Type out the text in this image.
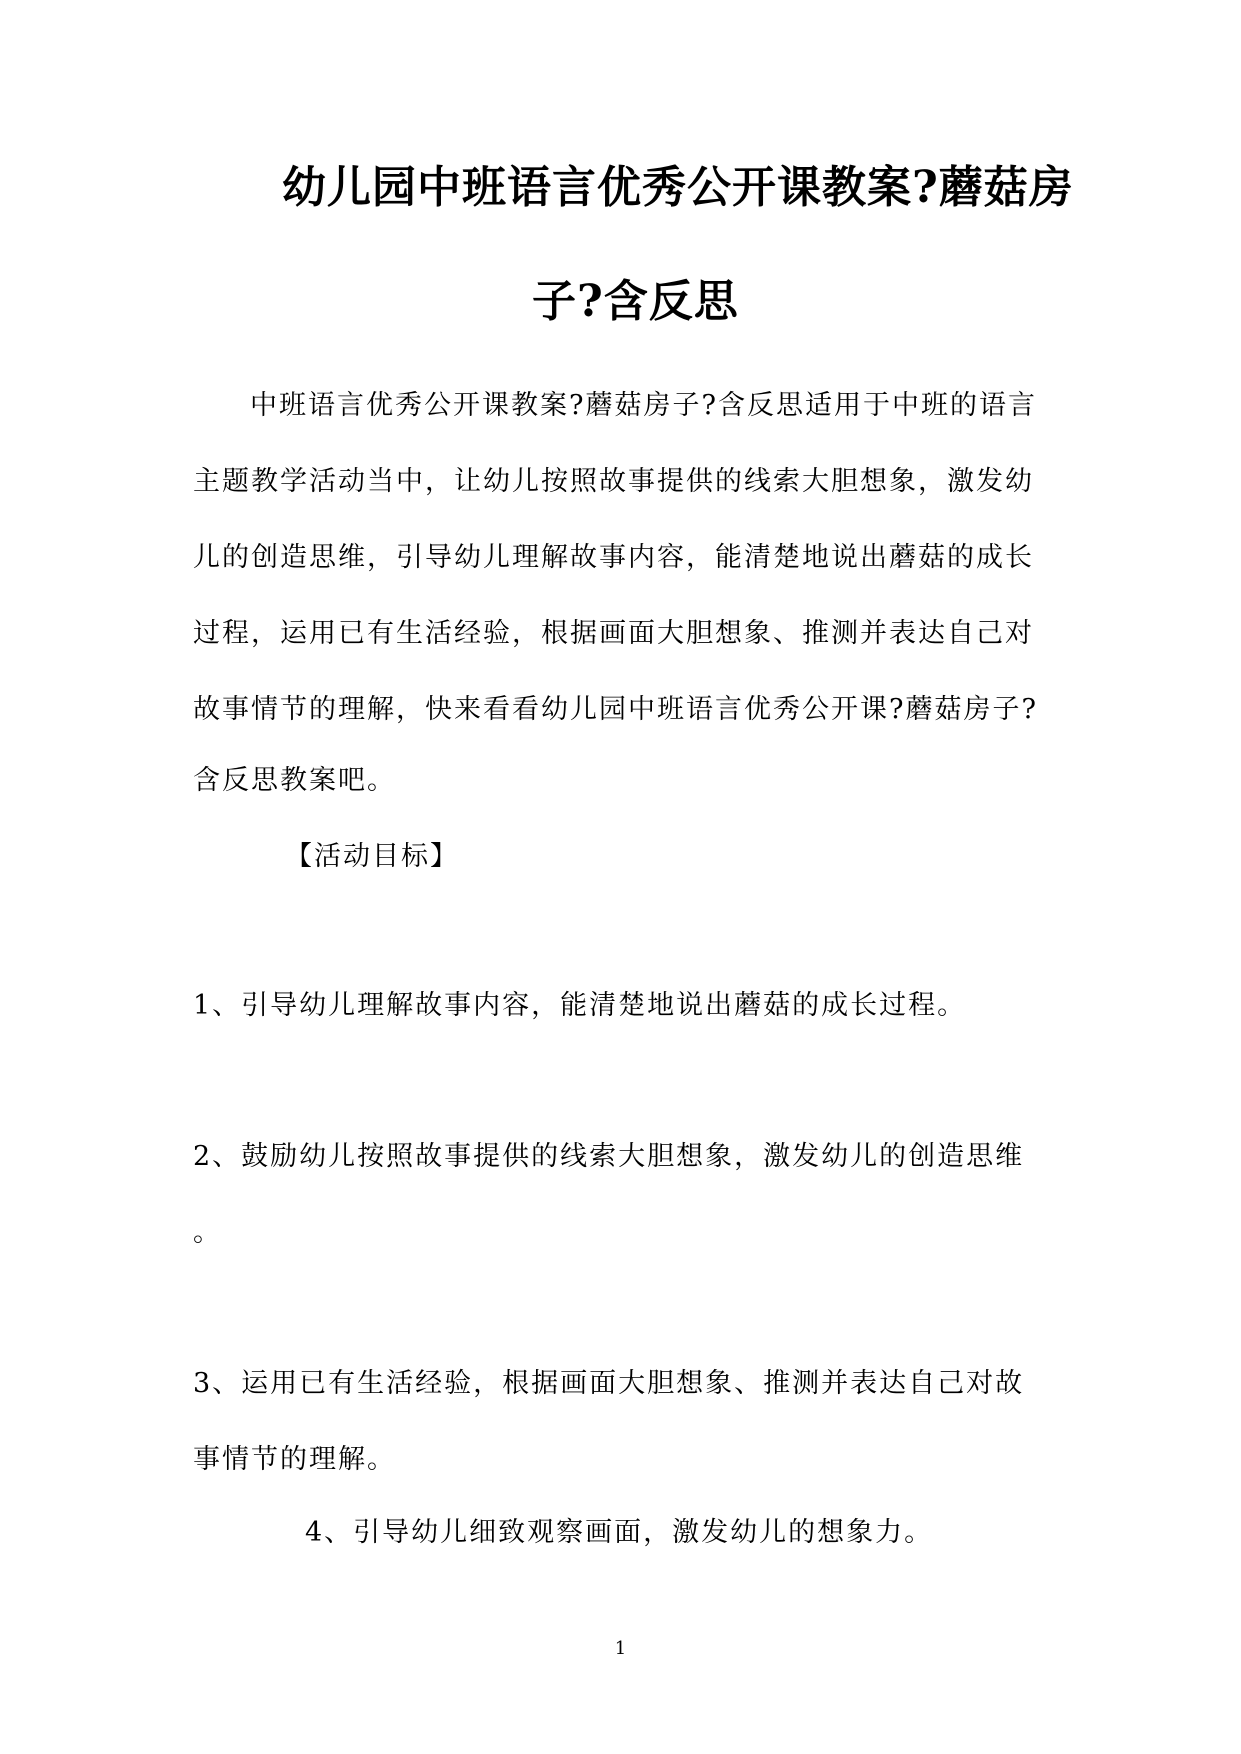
幼儿园中班语言优秀公开课教案?蘑菇房
子?含反思
中班语言优秀公开课教案?蘑菇房子?含反思适用于中班的语言
主题教学活动当中，让幼儿按照故事提供的线索大胆想象，激发幼
儿的创造思维，引导幼儿理解故事内容，能清楚地说出蘑菇的成长
过程，运用已有生活经验，根据画面大胆想象、推测并表达自己对
故事情节的理解，快来看看幼儿园中班语言优秀公开课?蘑菇房子?
含反思教案吧。
【活动目标】
1、引导幼儿理解故事内容，能清楚地说出蘑菇的成长过程。
2、鼓励幼儿按照故事提供的线索大胆想象，激发幼儿的创造思维
。
3、运用已有生活经验，根据画面大胆想象、推测并表达自己对故
事情节的理解。
4、引导幼儿细致观察画面，激发幼儿的想象力。
1
